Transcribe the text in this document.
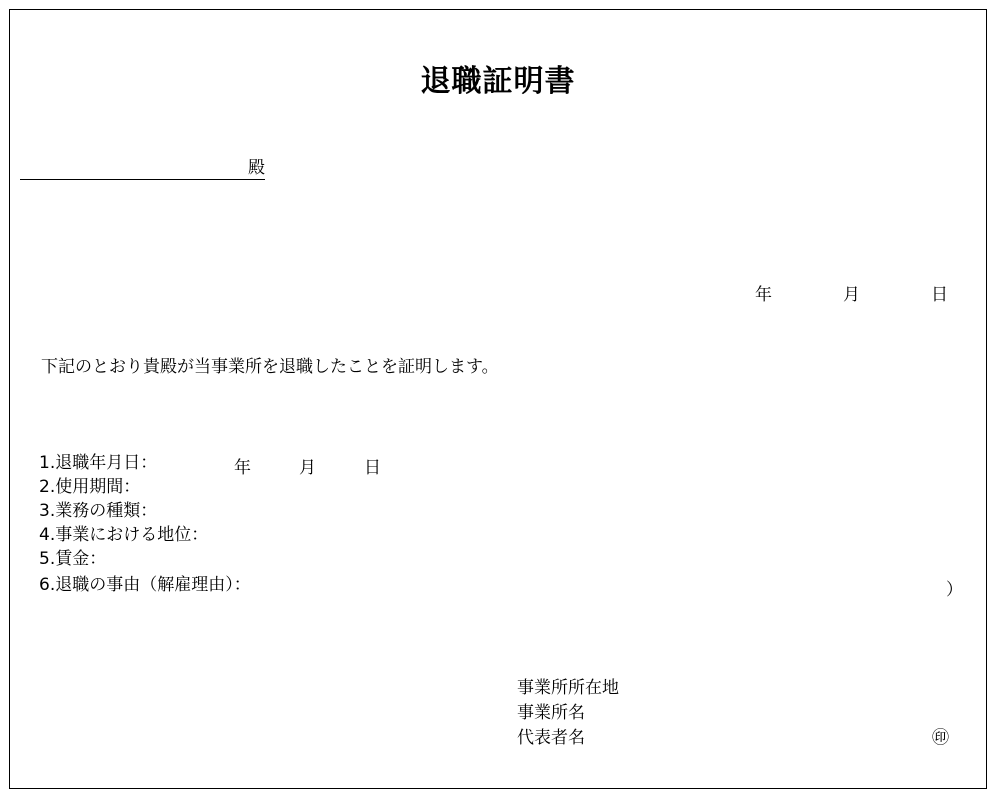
退職証明書
殿
年	月	日
下記のとおり貴殿が当事業所を退職したことを証明します。
1.退職年月日：	年	月	日
2.使用期間：
3.業務の種類：
4.事業における地位：
5.賃金：
6.退職の事由（解雇理由）：	）
事業所所在地
事業所名
代表者名	㊞
